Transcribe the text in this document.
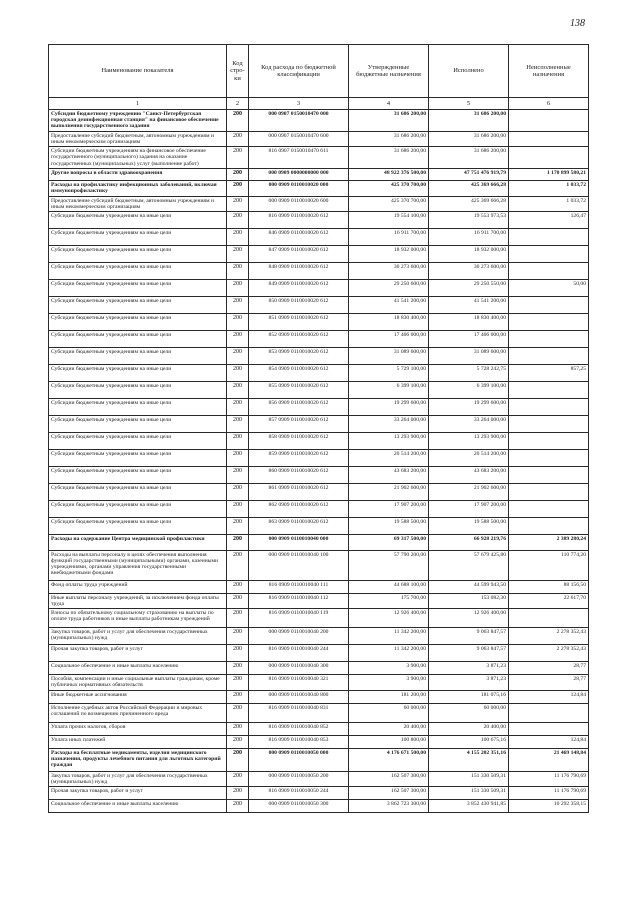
138
Наименование показателя	Код стро-ки	Код расхода по бюджетной классификации	Утвержденные бюджетные назначения	Исполнено	Неисполненные назначения
1	2	3	4	5	6
Субсидии бюджетному учреждению "Санкт-Петербургская городская дезинфекционная станция" на финансовое обеспечение выполнения государственного задания	200	000 0907 0150010470 000	31 686 200,00	31 686 200,00	
Предоставление субсидий бюджетным, автономным учреждениям и иным некоммерческим организациям	200	000 0907 0150010470 600	31 686 200,00	31 686 200,00	
Субсидии бюджетным учреждениям на финансовое обеспечение государственного (муниципального) задания на оказание государственных (муниципальных) услуг (выполнение работ)	200	816 0907 0150010470 611	31 686 200,00	31 686 200,00	
Другие вопросы в области здравоохранения	200	000 0909 0000000000 000	48 922 376 500,00	47 751 476 919,79	1 170 899 580,21
Расходы на профилактику инфекционных заболеваний, включая иммунопрофилактику	200	000 0909 0110010020 000	425 370 700,00	425 369 666,28	1 033,72
Предоставление субсидий бюджетным, автономным учреждениям и иным некоммерческим организациям	200	000 0909 0110010020 600	425 370 700,00	425 369 666,28	1 033,72
Субсидии бюджетным учреждениям на иные цели	200	816 0909 0110010020 612	19 554 100,00	19 553 973,53	126,47
Субсидии бюджетным учреждениям на иные цели	200	846 0909 0110010020 612	16 911 700,00	16 911 700,00	
Субсидии бюджетным учреждениям на иные цели	200	847 0909 0110010020 612	18 932 000,00	18 932 000,00	
Субсидии бюджетным учреждениям на иные цели	200	848 0909 0110010020 612	30 273 600,00	30 273 600,00	
Субсидии бюджетным учреждениям на иные цели	200	849 0909 0110010020 612	29 250 600,00	29 250 550,00	50,00
Субсидии бюджетным учреждениям на иные цели	200	850 0909 0110010020 612	41 541 200,00	41 541 200,00	
Субсидии бюджетным учреждениям на иные цели	200	851 0909 0110010020 612	18 830 400,00	18 830 400,00	
Субсидии бюджетным учреждениям на иные цели	200	852 0909 0110010020 612	17 406 000,00	17 406 000,00	
Субсидии бюджетным учреждениям на иные цели	200	853 0909 0110010020 612	31 089 600,00	31 089 600,00	
Субсидии бюджетным учреждениям на иные цели	200	854 0909 0110010020 612	5 729 100,00	5 728 242,75	857,25
Субсидии бюджетным учреждениям на иные цели	200	855 0909 0110010020 612	6 399 100,00	6 399 100,00	
Субсидии бюджетным учреждениям на иные цели	200	856 0909 0110010020 612	19 299 600,00	19 299 600,00	
Субсидии бюджетным учреждениям на иные цели	200	857 0909 0110010020 612	33 264 000,00	33 264 000,00	
Субсидии бюджетным учреждениям на иные цели	200	858 0909 0110010020 612	13 293 900,00	13 293 900,00	
Субсидии бюджетным учреждениям на иные цели	200	859 0909 0110010020 612	20 514 200,00	20 514 200,00	
Субсидии бюджетным учреждениям на иные цели	200	860 0909 0110010020 612	43 683 200,00	43 683 200,00	
Субсидии бюджетным учреждениям на иные цели	200	861 0909 0110010020 612	21 902 600,00	21 902 600,00	
Субсидии бюджетным учреждениям на иные цели	200	862 0909 0110010020 612	17 907 200,00	17 907 200,00	
Субсидии бюджетным учреждениям на иные цели	200	863 0909 0110010020 612	19 588 500,00	19 588 500,00	
Расходы на содержание Центра медицинской профилактики	200	000 0909 0110010040 000	69 317 500,00	66 928 219,76	2 389 280,24
Расходы на выплаты персоналу в целях обеспечения выполнения функций государственными (муниципальными) органами, казенными учреждениями, органами управления государственными внебюджетными фондами	200	000 0909 0110010040 100	57 790 200,00	57 679 425,80	110 774,20
Фонд оплаты труда учреждений	200	816 0909 0110010040 111	44 688 100,00	44 599 943,50	88 156,50
Иные выплаты персоналу учреждений, за исключением фонда оплаты труда	200	816 0909 0110010040 112	175 700,00	153 082,30	22 617,70
Взносы по обязательному социальному страхованию на выплаты по оплате труда работников и иные выплаты работникам учреждений	200	816 0909 0110010040 119	12 926 400,00	12 926 400,00	
Закупка товаров, работ и услуг для обеспечения государственных (муниципальных) нужд	200	000 0909 0110010040 200	11 342 200,00	9 063 847,57	2 278 352,43
Прочая закупка товаров, работ и услуг	200	816 0909 0110010040 244	11 342 200,00	9 063 847,57	2 278 352,43
Социальное обеспечение и иные выплаты населению	200	000 0909 0110010040 300	3 900,00	3 871,23	28,77
Пособия, компенсации и иные социальные выплаты гражданам, кроме публичных нормативных обязательств	200	816 0909 0110010040 321	3 900,00	3 871,23	28,77
Иные бюджетные ассигнования	200	000 0909 0110010040 800	181 200,00	181 075,16	124,84
Исполнение судебных актов Российской Федерации и мировых соглашений по возмещению причиненного вреда	200	816 0909 0110010040 831	60 000,00	60 000,00	
Уплата прочих налогов, сборов	200	816 0909 0110010040 852	20 400,00	20 400,00	
Уплата иных платежей	200	816 0909 0110010040 853	100 800,00	100 675,16	124,84
Расходы на бесплатные медикаменты, изделия медицинского назначения, продукты лечебного питания для льготных категорий граждан	200	000 0909 0110010050 000	4 176 671 500,00	4 155 202 351,16	21 469 148,84
Закупка товаров, работ и услуг для обеспечения государственных (муниципальных) нужд	200	000 0909 0110010050 200	162 507 300,00	151 330 509,31	11 176 790,69
Прочая закупка товаров, работ и услуг	200	816 0909 0110010050 244	162 507 300,00	151 330 509,31	11 176 790,69
Социальное обеспечение и иные выплаты населению	200	000 0909 0110010050 300	3 862 723 300,00	3 852 430 941,85	10 292 358,15
